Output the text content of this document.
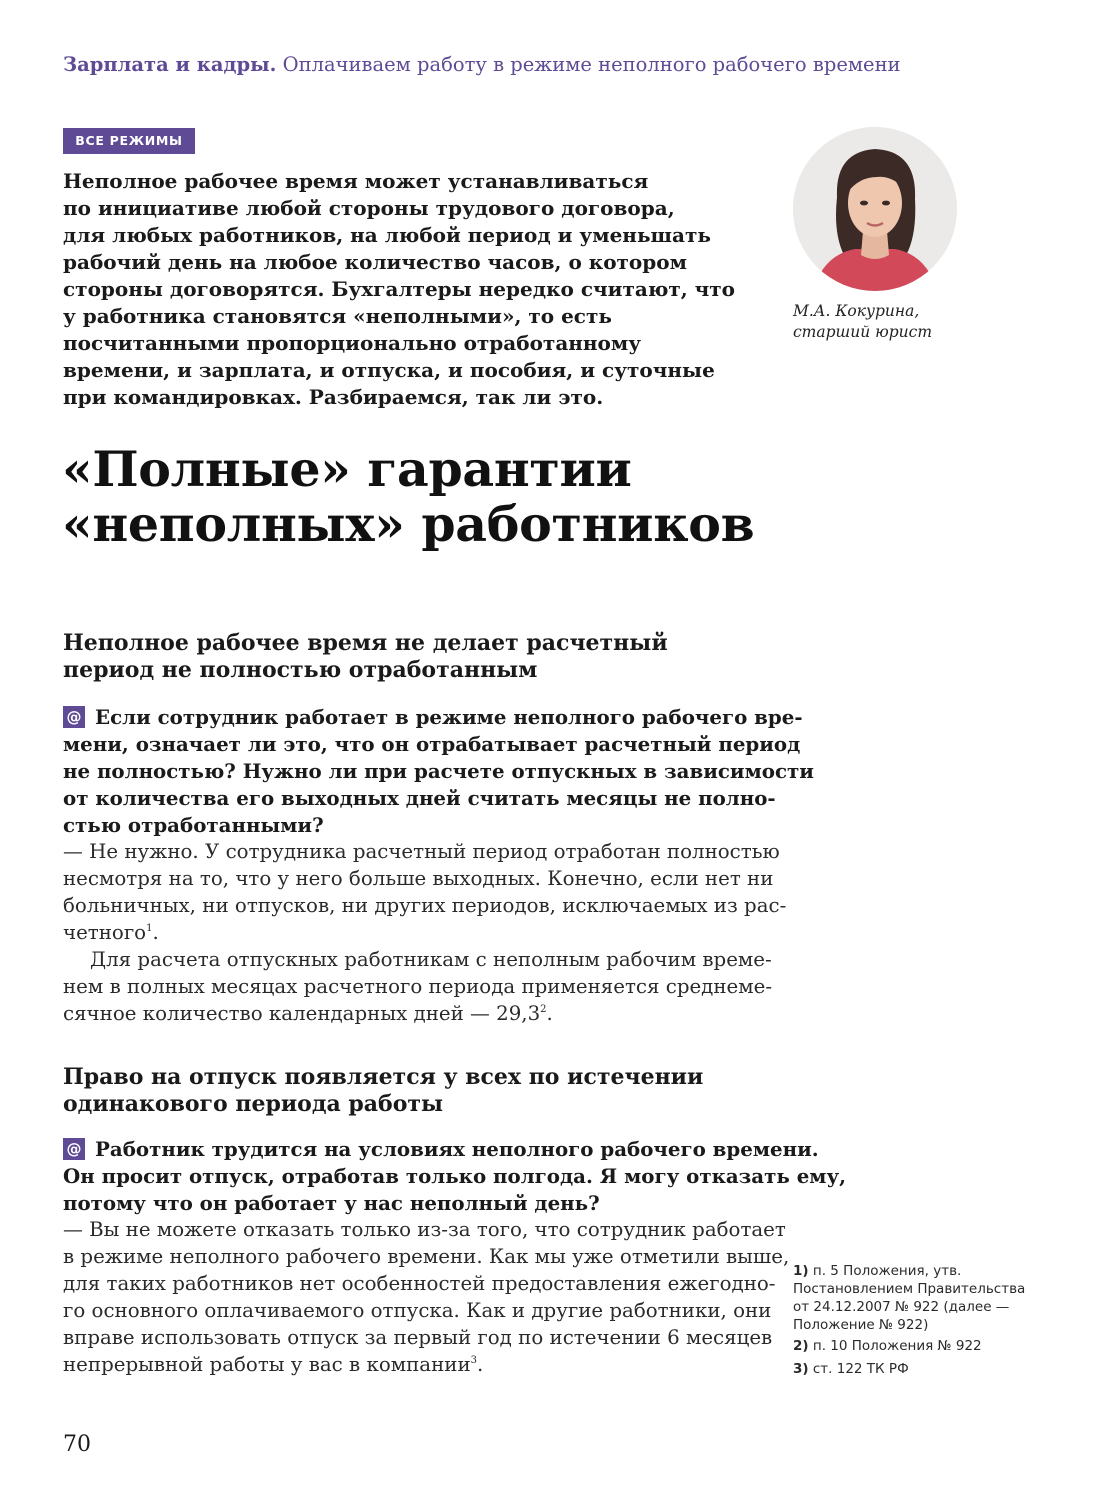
Зарплата и кадры. Оплачиваем работу в режиме неполного рабочего времени
ВСЕ РЕЖИМЫ
Неполное рабочее время может устанавливаться
по инициативе любой стороны трудового договора,
для любых работников, на любой период и уменьшать
рабочий день на любое количество часов, о котором
стороны договорятся. Бухгалтеры нередко считают, что
у работника становятся «неполными», то есть
посчитанными пропорционально отработанному
времени, и зарплата, и отпуска, и пособия, и суточные
при командировках. Разбираемся, так ли это.
М.А. Кокурина,
старший юрист
«Полные» гарантии
«неполных» работников
Неполное рабочее время не делает расчетный
период не полностью отработанным
@ Если сотрудник работает в режиме неполного рабочего вре-
мени, означает ли это, что он отрабатывает расчетный период
не полностью? Нужно ли при расчете отпускных в зависимости
от количества его выходных дней считать месяцы не полно-
стью отработанными?
— Не нужно. У сотрудника расчетный период отработан полностью
несмотря на то, что у него больше выходных. Конечно, если нет ни
больничных, ни отпусков, ни других периодов, исключаемых из рас-
четного$^1$.
Для расчета отпускных работникам с неполным рабочим време-
нем в полных месяцах расчетного периода применяется среднеме-
сячное количество календарных дней — 29,3$^2$.
Право на отпуск появляется у всех по истечении
одинакового периода работы
@ Работник трудится на условиях неполного рабочего времени.
Он просит отпуск, отработав только полгода. Я могу отказать ему,
потому что он работает у нас неполный день?
— Вы не можете отказать только из-за того, что сотрудник работает
в режиме неполного рабочего времени. Как мы уже отметили выше,
для таких работников нет особенностей предоставления ежегодно-
го основного оплачиваемого отпуска. Как и другие работники, они
вправе использовать отпуск за первый год по истечении 6 месяцев
непрерывной работы у вас в компании$^3$.
1) п. 5 Положения, утв.
Постановлением Правительства
от 24.12.2007 № 922 (далее —
Положение № 922)
2) п. 10 Положения № 922
3) ст. 122 ТК РФ
70
